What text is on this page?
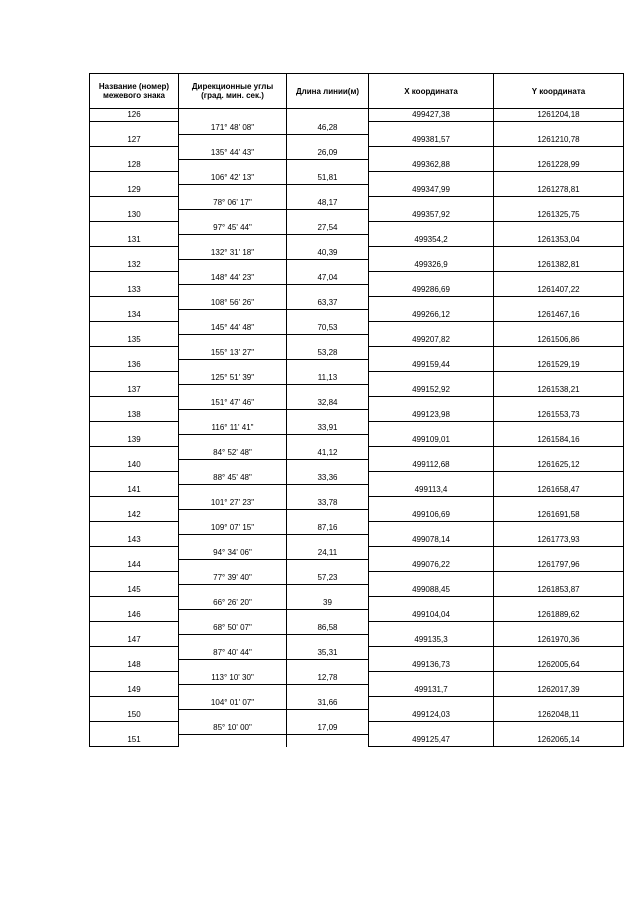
Название (номер) межевого знака	Дирекционные углы (град. мин. сек.)	Длина линии(м)	X координата	Y координата
126			499427,38	1261204,18
	171° 48' 08"	46,28		
127			499381,57	1261210,78
	135° 44' 43"	26,09		
128			499362,88	1261228,99
	106° 42' 13"	51,81		
129			499347,99	1261278,81
	78° 06' 17"	48,17		
130			499357,92	1261325,75
	97° 45' 44"	27,54		
131			499354,2	1261353,04
	132° 31' 18"	40,39		
132			499326,9	1261382,81
	148° 44' 23"	47,04		
133			499286,69	1261407,22
	108° 56' 26"	63,37		
134			499266,12	1261467,16
	145° 44' 48"	70,53		
135			499207,82	1261506,86
	155° 13' 27"	53,28		
136			499159,44	1261529,19
	125° 51' 39"	11,13		
137			499152,92	1261538,21
	151° 47' 46"	32,84		
138			499123,98	1261553,73
	116° 11' 41"	33,91		
139			499109,01	1261584,16
	84° 52' 48"	41,12		
140			499112,68	1261625,12
	88° 45' 48"	33,36		
141			499113,4	1261658,47
	101° 27' 23"	33,78		
142			499106,69	1261691,58
	109° 07' 15"	87,16		
143			499078,14	1261773,93
	94° 34' 06"	24,11		
144			499076,22	1261797,96
	77° 39' 40"	57,23		
145			499088,45	1261853,87
	66° 26' 20"	39		
146			499104,04	1261889,62
	68° 50' 07"	86,58		
147			499135,3	1261970,36
	87° 40' 44"	35,31		
148			499136,73	1262005,64
	113° 10' 30"	12,78		
149			499131,7	1262017,39
	104° 01' 07"	31,66		
150			499124,03	1262048,11
	85° 10' 00"	17,09		
151			499125,47	1262065,14
